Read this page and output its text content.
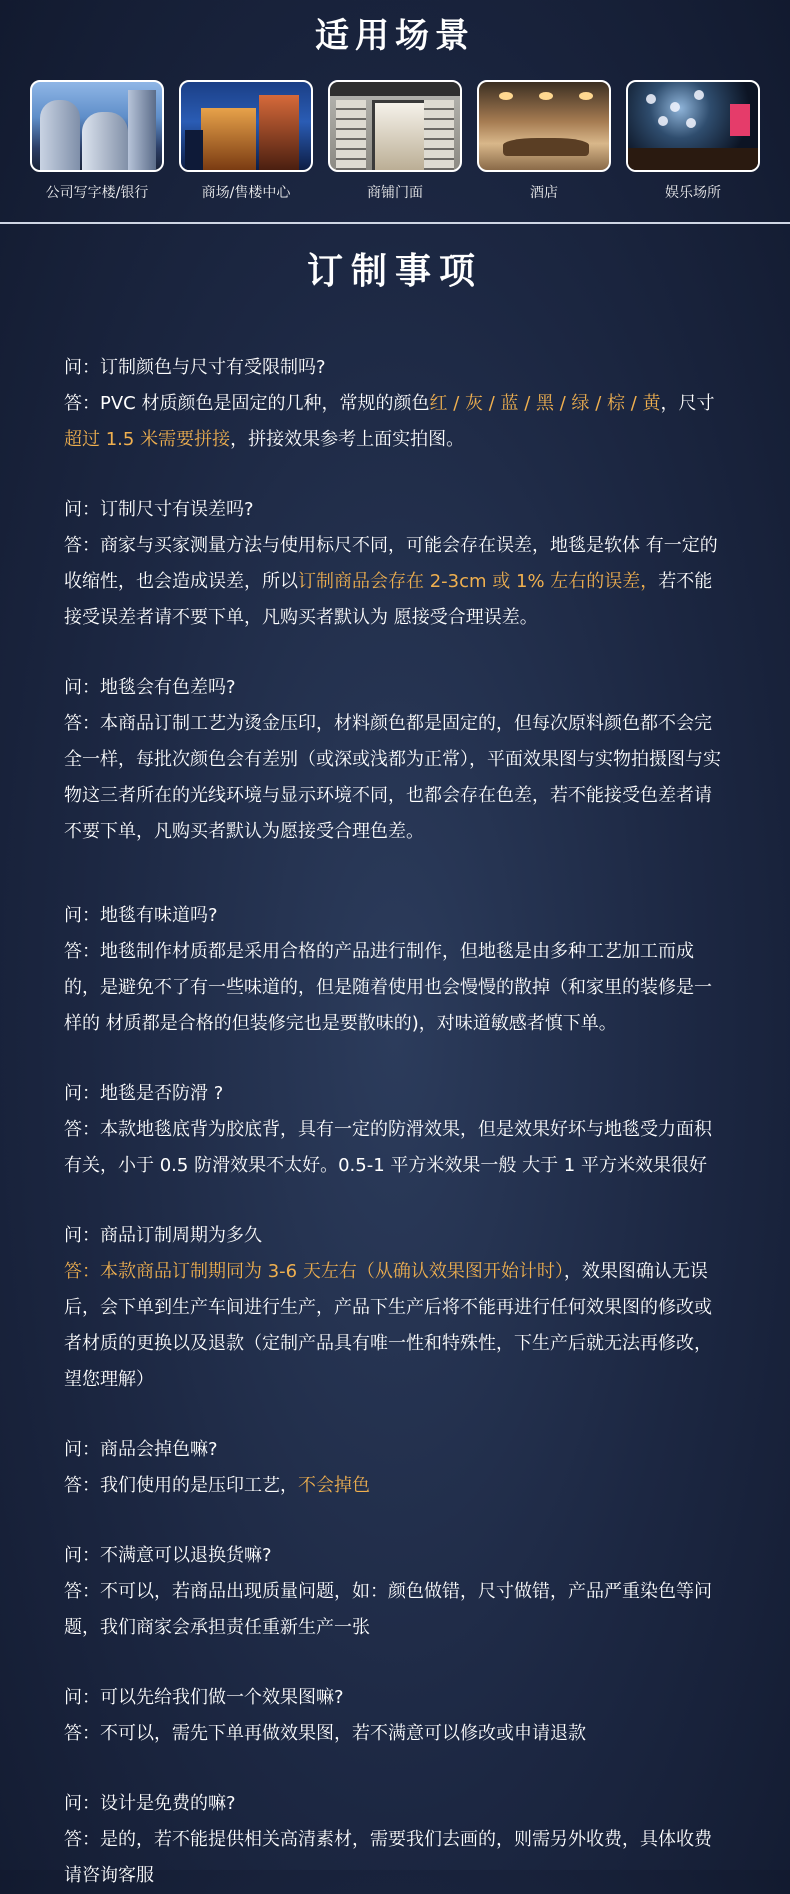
适用场景
公司写字楼/银行	商场/售楼中心	商铺门面	酒店	娱乐场所
订制事项
问：订制颜色与尺寸有受限制吗?
答：PVC 材质颜色是固定的几种，常规的颜色红 / 灰 / 蓝 / 黑 / 绿 / 棕 / 黄，尺寸 超过 1.5 米需要拼接，拼接效果参考上面实拍图。
问：订制尺寸有误差吗?
答：商家与买家测量方法与使用标尺不同，可能会存在误差，地毯是软体 有一定的收缩性，也会造成误差，所以订制商品会存在 2-3cm 或 1% 左右的误差，若不能接受误差者请不要下单，凡购买者默认为 愿接受合理误差。
问：地毯会有色差吗?
答：本商品订制工艺为烫金压印，材料颜色都是固定的，但每次原料颜色都不会完全一样，每批次颜色会有差别（或深或浅都为正常），平面效果图与实物拍摄图与实物这三者所在的光线环境与显示环境不同，也都会存在色差，若不能接受色差者请不要下单，凡购买者默认为愿接受合理色差。
问：地毯有味道吗?
答：地毯制作材质都是采用合格的产品进行制作，但地毯是由多种工艺加工而成的，是避免不了有一些味道的，但是随着使用也会慢慢的散掉（和家里的装修是一样的 材质都是合格的但装修完也是要散味的)，对味道敏感者慎下单。
问：地毯是否防滑 ?
答：本款地毯底背为胶底背，具有一定的防滑效果，但是效果好坏与地毯受力面积有关，小于 0.5 防滑效果不太好。0.5-1 平方米效果一般 大于 1 平方米效果很好
问：商品订制周期为多久
答：本款商品订制期同为 3-6 天左右（从确认效果图开始计时），效果图确认无误后，会下单到生产车间进行生产，产品下生产后将不能再进行任何效果图的修改或者材质的更换以及退款（定制产品具有唯一性和特殊性，下生产后就无法再修改，望您理解）
问：商品会掉色嘛?
答：我们使用的是压印工艺，不会掉色
问：不满意可以退换货嘛?
答：不可以，若商品出现质量问题，如：颜色做错，尺寸做错，产品严重染色等问题，我们商家会承担责任重新生产一张
问：可以先给我们做一个效果图嘛?
答：不可以，需先下单再做效果图，若不满意可以修改或申请退款
问：设计是免费的嘛?
答：是的，若不能提供相关高清素材，需要我们去画的，则需另外收费，具体收费请咨询客服
